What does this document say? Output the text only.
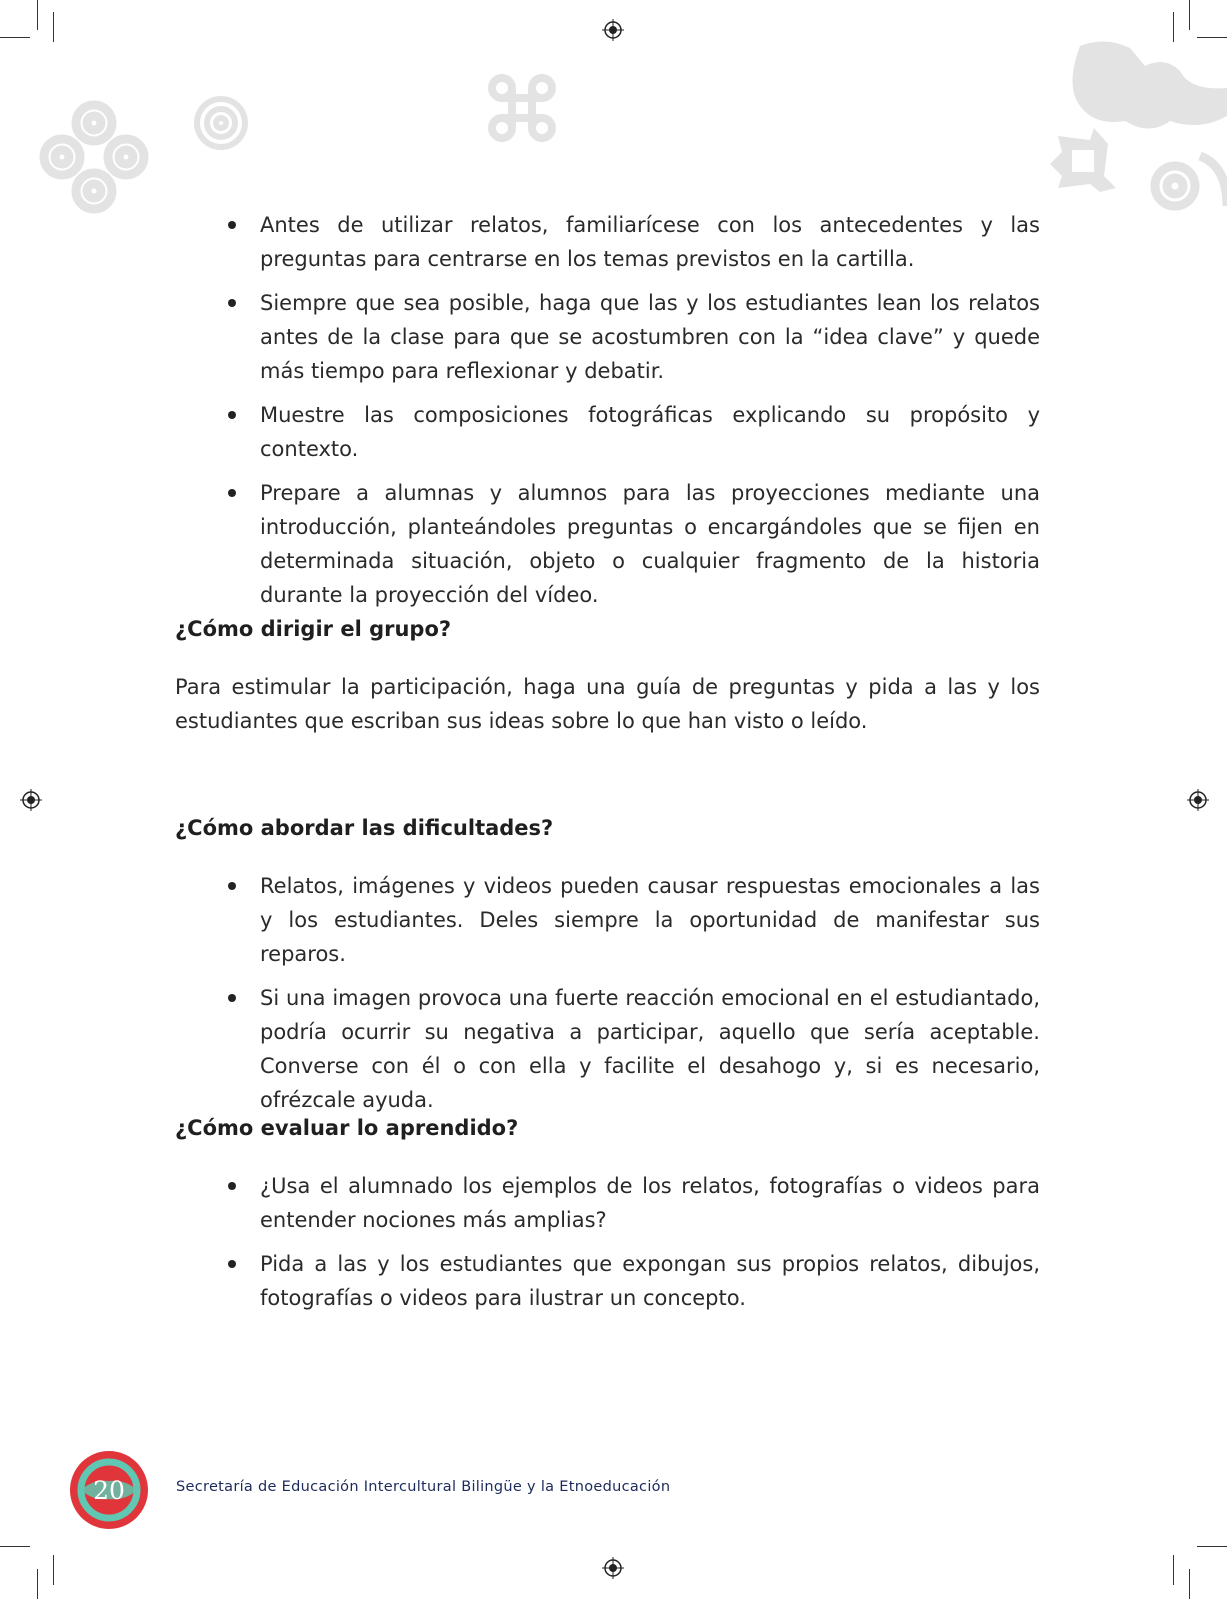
Antes de utilizar relatos, familiarícese con los antecedentes y las preguntas para centrarse en los temas previstos en la cartilla.
Siempre que sea posible, haga que las y los estudiantes lean los relatos antes de la clase para que se acostumbren con la “idea clave” y quede más tiempo para reflexionar y debatir.
Muestre las composiciones fotográficas explicando su propósito y contexto.
Prepare a alumnas y alumnos para las proyecciones mediante una introducción, planteándoles preguntas o encargándoles que se fijen en determinada situación, objeto o cualquier fragmento de la historia durante la proyección del vídeo.
¿Cómo dirigir el grupo?
Para estimular la participación, haga una guía de preguntas y pida a las y los estudiantes que escriban sus ideas sobre lo que han visto o leído.
¿Cómo abordar las dificultades?
Relatos, imágenes y videos pueden causar respuestas emocionales a las y los estudiantes. Deles siempre la oportunidad de manifestar sus reparos.
Si una imagen provoca una fuerte reacción emocional en el estudiantado, podría ocurrir su negativa a participar, aquello que sería aceptable. Converse con él o con ella y facilite el desahogo y, si es necesario, ofrézcale ayuda.
¿Cómo evaluar lo aprendido?
¿Usa el alumnado los ejemplos de los relatos, fotografías o videos para entender nociones más amplias?
Pida a las y los estudiantes que expongan sus propios relatos, dibujos, fotografías o videos para ilustrar un concepto.
20	Secretaría de Educación Intercultural Bilingüe y la Etnoeducación
